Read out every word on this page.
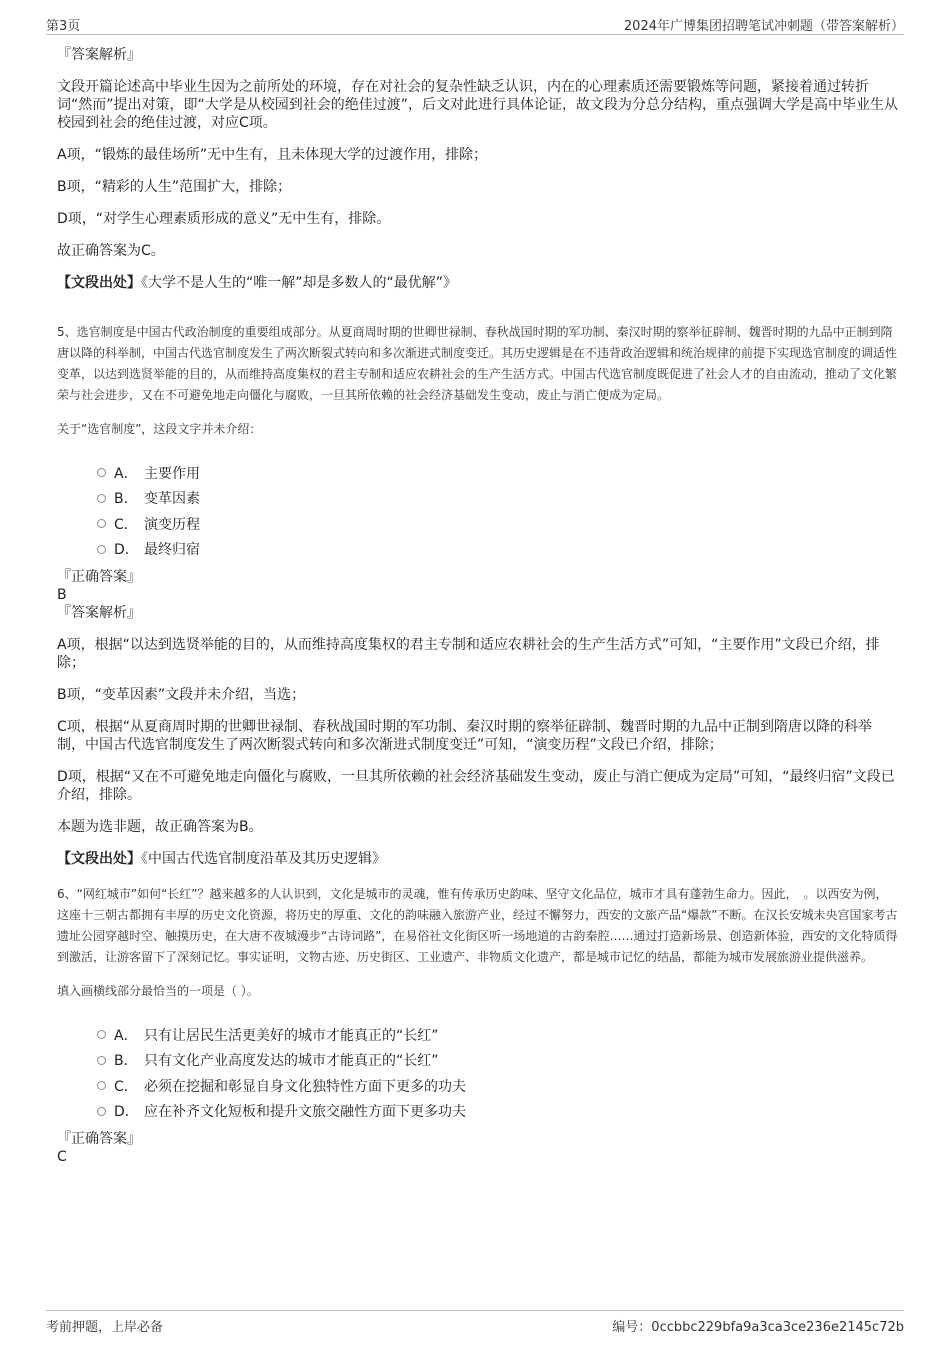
第3页	2024年广博集团招聘笔试冲刺题（带答案解析）

『答案解析』

文段开篇论述高中毕业生因为之前所处的环境，存在对社会的复杂性缺乏认识，内在的心理素质还需要锻炼等问题，紧接着通过转折词“然而”提出对策，即“大学是从校园到社会的绝佳过渡”，后文对此进行具体论证，故文段为分总分结构，重点强调大学是高中毕业生从校园到社会的绝佳过渡，对应C项。

A项，“锻炼的最佳场所”无中生有，且未体现大学的过渡作用，排除；

B项，“精彩的人生”范围扩大，排除；

D项，“对学生心理素质形成的意义”无中生有，排除。

故正确答案为C。

【文段出处】《大学不是人生的“唯一解”却是多数人的“最优解”》

5、选官制度是中国古代政治制度的重要组成部分。从夏商周时期的世卿世禄制、春秋战国时期的军功制、秦汉时期的察举征辟制、魏晋时期的九品中正制到隋唐以降的科举制，中国古代选官制度发生了两次断裂式转向和多次渐进式制度变迁。其历史逻辑是在不违背政治逻辑和统治规律的前提下实现选官制度的调适性变革，以达到选贤举能的目的，从而维持高度集权的君主专制和适应农耕社会的生产生活方式。中国古代选官制度既促进了社会人才的自由流动，推动了文化繁荣与社会进步，又在不可避免地走向僵化与腐败，一旦其所依赖的社会经济基础发生变动，废止与消亡便成为定局。

关于“选官制度”，这段文字并未介绍：

A． 主要作用
B． 变革因素
C． 演变历程
D． 最终归宿

『正确答案』

B

『答案解析』

A项，根据“以达到选贤举能的目的，从而维持高度集权的君主专制和适应农耕社会的生产生活方式”可知，“主要作用”文段已介绍，排除；

B项，“变革因素”文段并未介绍，当选；

C项，根据“从夏商周时期的世卿世禄制、春秋战国时期的军功制、秦汉时期的察举征辟制、魏晋时期的九品中正制到隋唐以降的科举制，中国古代选官制度发生了两次断裂式转向和多次渐进式制度变迁”可知，“演变历程”文段已介绍，排除；

D项，根据“又在不可避免地走向僵化与腐败，一旦其所依赖的社会经济基础发生变动，废止与消亡便成为定局”可知，“最终归宿”文段已介绍，排除。

本题为选非题，故正确答案为B。

【文段出处】《中国古代选官制度沿革及其历史逻辑》

6、“网红城市”如何“长红”？越来越多的人认识到，文化是城市的灵魂，惟有传承历史韵味、坚守文化品位，城市才具有蓬勃生命力。因此，　。以西安为例，这座十三朝古都拥有丰厚的历史文化资源，将历史的厚重、文化的韵味融入旅游产业，经过不懈努力，西安的文旅产品“爆款”不断。在汉长安城未央宫国家考古遗址公园穿越时空、触摸历史，在大唐不夜城漫步“古诗词路”，在易俗社文化街区听一场地道的古韵秦腔……通过打造新场景、创造新体验，西安的文化特质得到激活，让游客留下了深刻记忆。事实证明，文物古迹、历史街区、工业遗产、非物质文化遗产，都是城市记忆的结晶，都能为城市发展旅游业提供滋养。

填入画横线部分最恰当的一项是（ ）。

A． 只有让居民生活更美好的城市才能真正的“长红”
B． 只有文化产业高度发达的城市才能真正的“长红”
C． 必须在挖掘和彰显自身文化独特性方面下更多的功夫
D． 应在补齐文化短板和提升文旅交融性方面下更多功夫

『正确答案』

C

考前押题，上岸必备	编号：0ccbbc229bfa9a3ca3ce236e2145c72b
